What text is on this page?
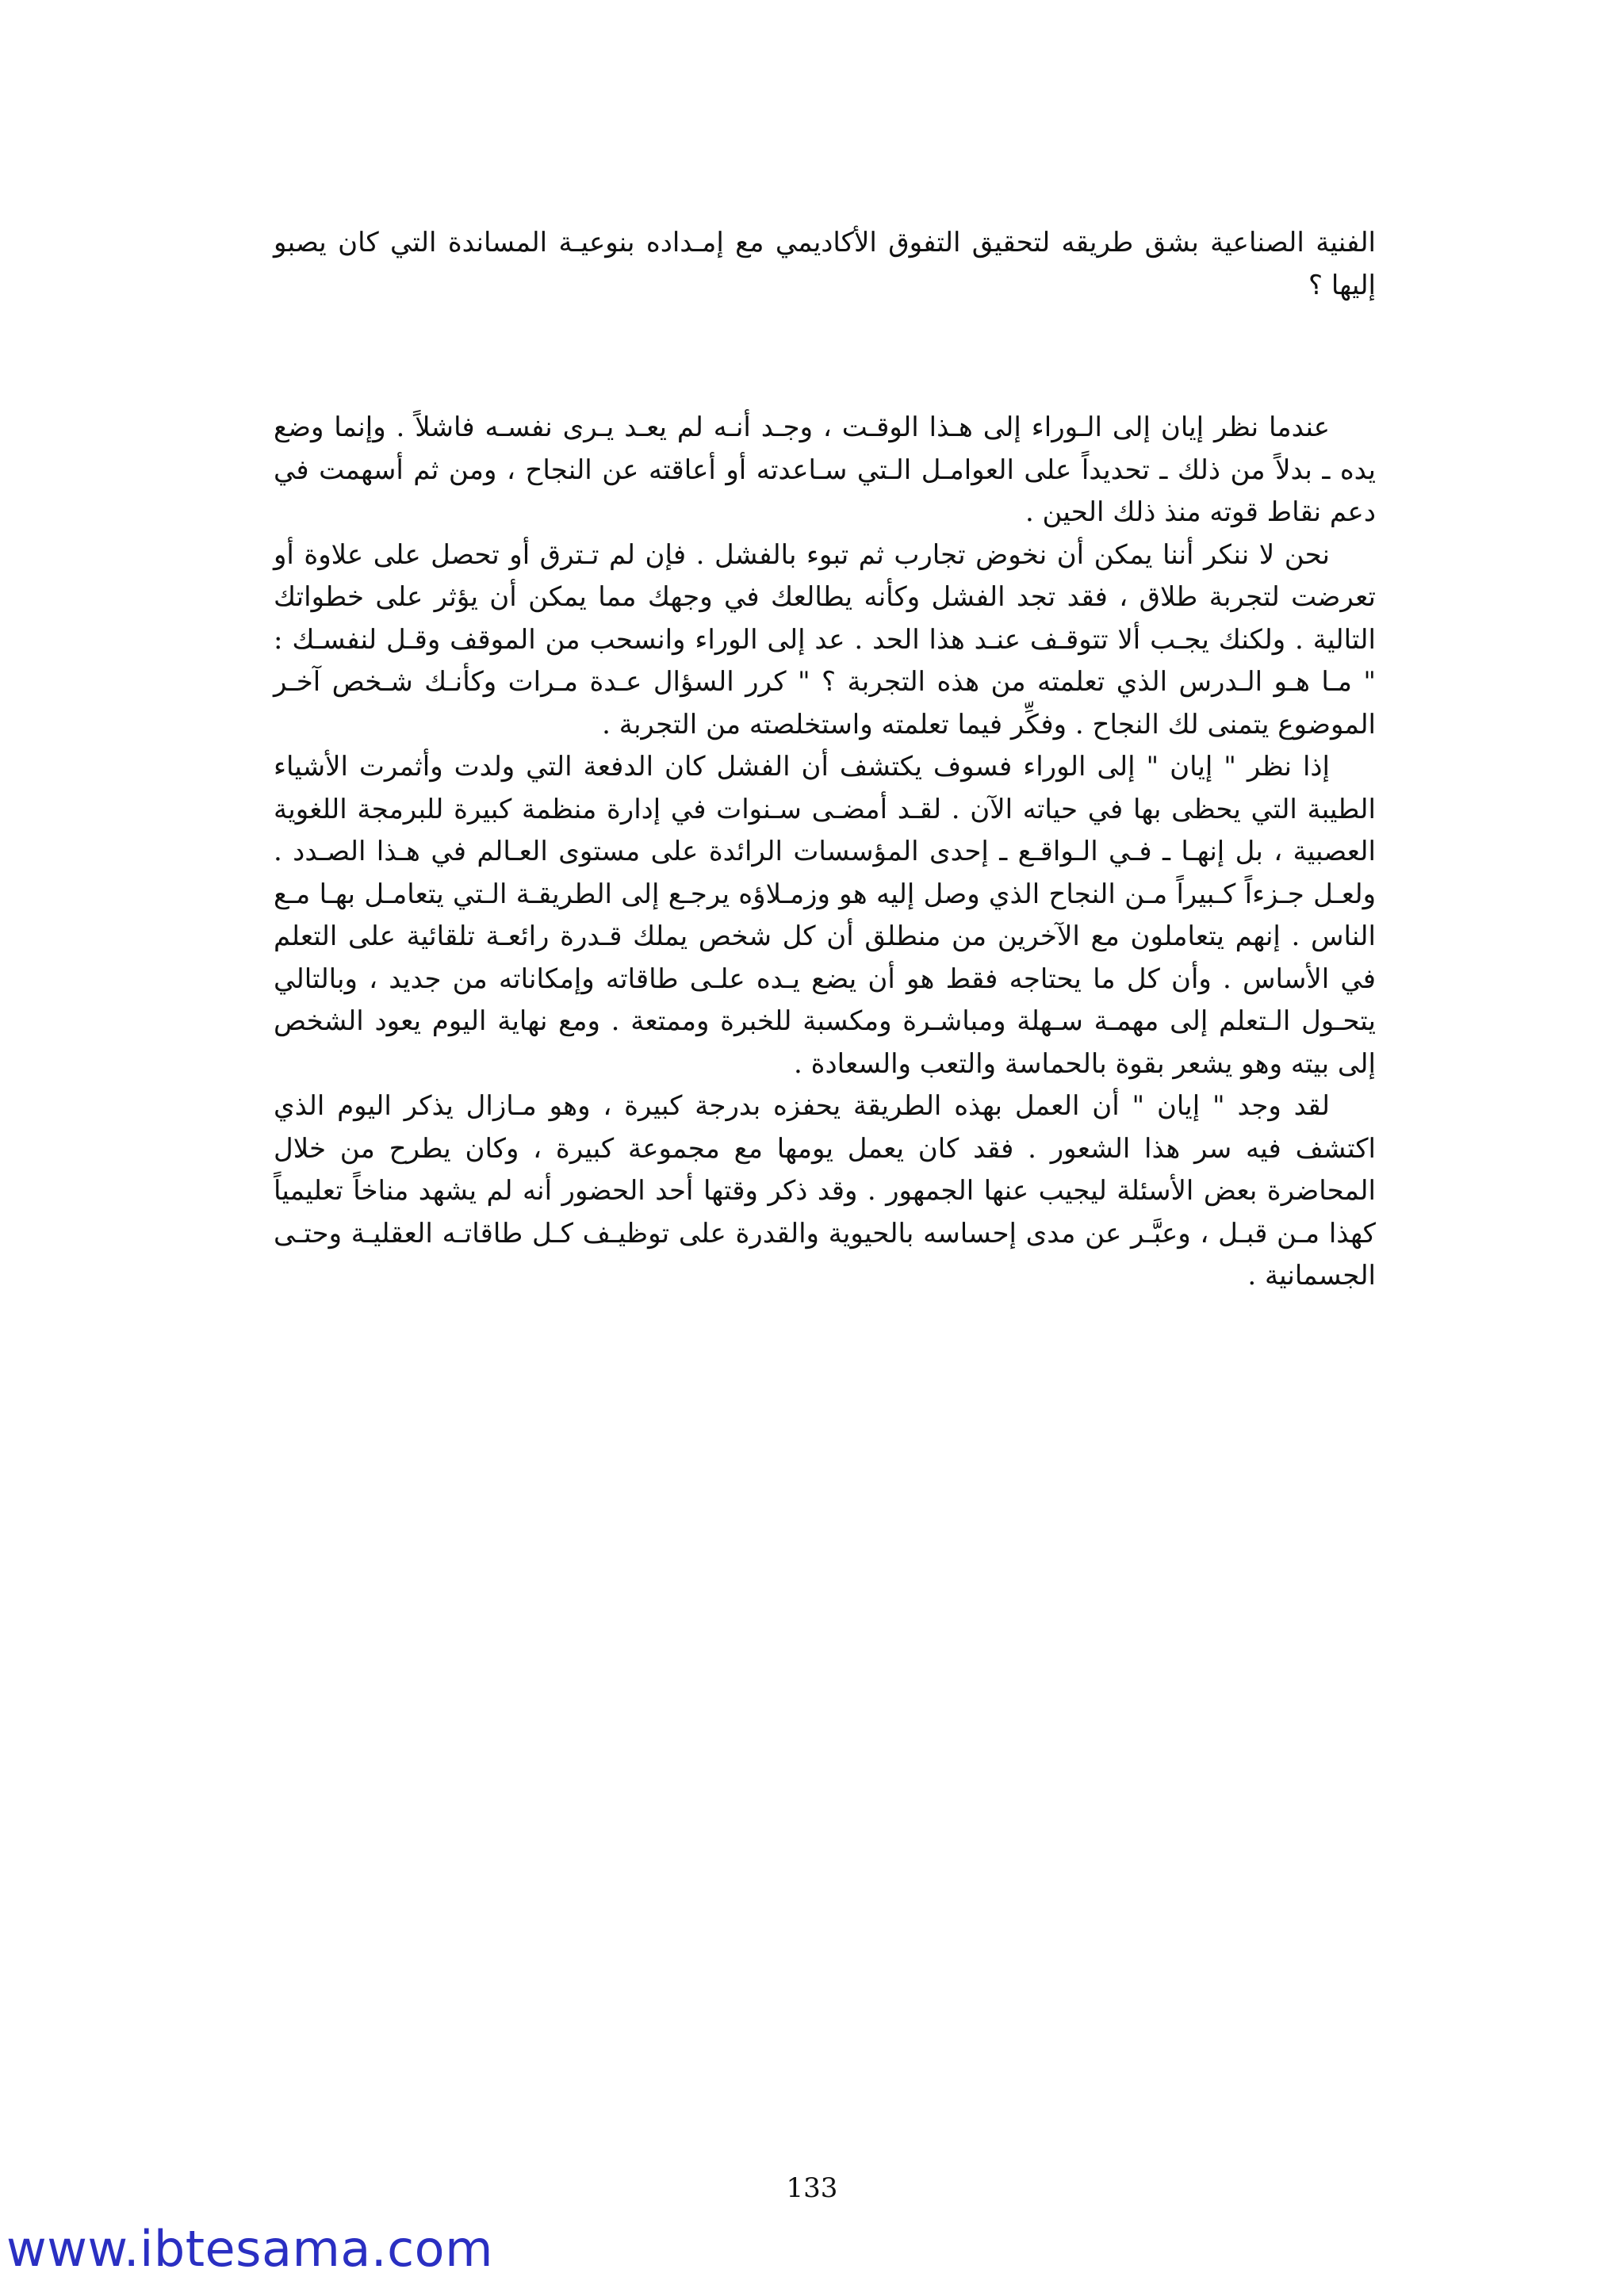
الفنية الصناعية بشق طريقه لتحقيق التفوق الأكاديمي مع إمـداده بنوعيـة المساندة التي كان يصبو إليها ؟

عندما نظر إيان إلى الـوراء إلى هـذا الوقـت ، وجـد أنـه لم يعـد يـرى نفسـه فاشلاً . وإنما وضع يده ـ بدلاً من ذلك ـ تحديداً على العوامـل الـتي سـاعدته أو أعاقته عن النجاح ، ومن ثم أسهمت في دعم نقاط قوته منذ ذلك الحين .

نحن لا ننكر أننا يمكن أن نخوض تجارب ثم تبوء بالفشل . فإن لم تـترق أو تحصل على علاوة أو تعرضت لتجربة طلاق ، فقد تجد الفشل وكأنه يطالعك في وجهك مما يمكن أن يؤثر على خطواتك التالية . ولكنك يجـب ألا تتوقـف عنـد هذا الحد . عد إلى الوراء وانسحب من الموقف وقـل لنفسـك : " مـا هـو الـدرس الذي تعلمته من هذه التجربة ؟ " كرر السؤال عـدة مـرات وكأنـك شـخص آخـر الموضوع يتمنى لك النجاح . وفكِّر فيما تعلمته واستخلصته من التجربة .

إذا نظر " إيان " إلى الوراء فسوف يكتشف أن الفشل كان الدفعة التي ولدت وأثمرت الأشياء الطيبة التي يحظى بها في حياته الآن . لقـد أمضـى سـنوات في إدارة منظمة كبيرة للبرمجة اللغوية العصبية ، بل إنهـا ـ فـي الـواقـع ـ إحدى المؤسسات الرائدة على مستوى العـالم في هـذا الصـدد . ولعـل جـزءاً كـبيراً مـن النجاح الذي وصل إليه هو وزمـلاؤه يرجـع إلى الطريقـة الـتي يتعامـل بهـا مـع الناس . إنهم يتعاملون مع الآخرين من منطلق أن كل شخص يملك قـدرة رائعـة تلقائية على التعلم في الأساس . وأن كل ما يحتاجه فقط هو أن يضع يـده علـى طاقاته وإمكاناته من جديد ، وبالتالي يتحـول الـتعلم إلى مهمـة سـهلة ومباشـرة ومكسبة للخبرة وممتعة . ومع نهاية اليوم يعود الشخص إلى بيته وهو يشعر بقوة بالحماسة والتعب والسعادة .

لقد وجد " إيان " أن العمل بهذه الطريقة يحفزه بدرجة كبيرة ، وهو مـازال يذكر اليوم الذي اكتشف فيه سر هذا الشعور . فقد كان يعمل يومها مع مجموعة كبيرة ، وكان يطرح من خلال المحاضرة بعض الأسئلة ليجيب عنها الجمهور . وقد ذكر وقتها أحد الحضور أنه لم يشهد مناخاً تعليمياً كهذا مـن قبـل ، وعبَّـر عن مدى إحساسه بالحيوية والقدرة على توظيـف كـل طاقاتـه العقليـة وحتـى الجسمانية .

133
www.ibtesama.com
